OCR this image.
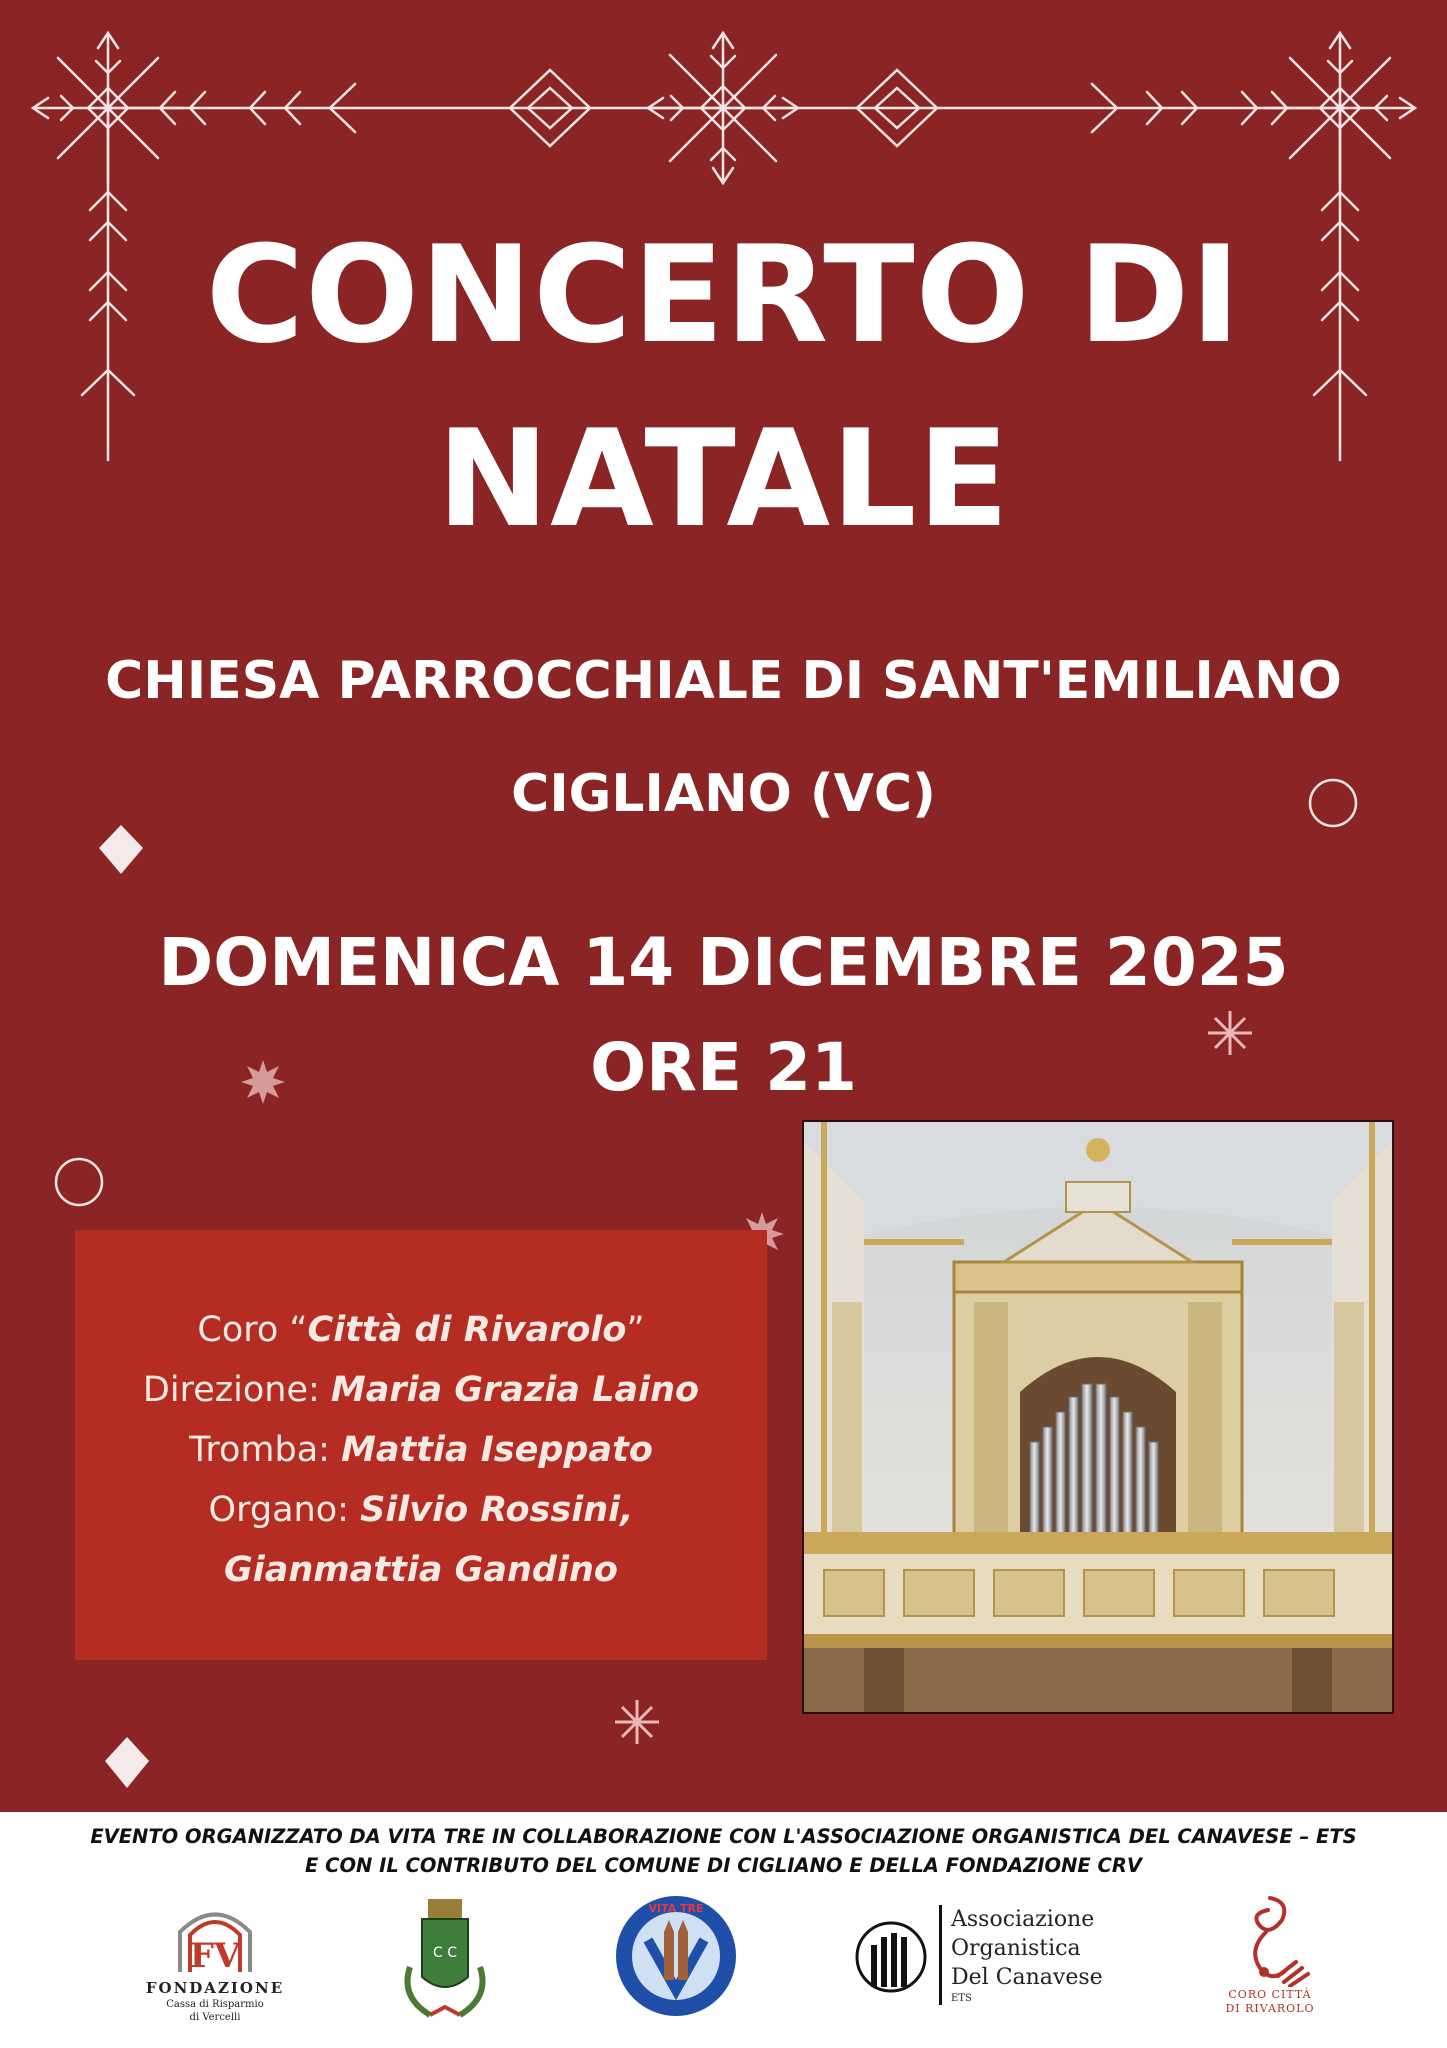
CONCERTO DI
NATALE
CHIESA PARROCCHIALE DI SANT'EMILIANO
CIGLIANO (VC)
DOMENICA 14 DICEMBRE 2025
ORE 21
Coro “Città di Rivarolo”
Direzione: Maria Grazia Laino
Tromba: Mattia Iseppato
Organo: Silvio Rossini,
Gianmattia Gandino
EVENTO ORGANIZZATO DA VITA TRE IN COLLABORAZIONE CON L'ASSOCIAZIONE ORGANISTICA DEL CANAVESE – ETS
E CON IL CONTRIBUTO DEL COMUNE DI CIGLIANO E DELLA FONDAZIONE CRV
FV
FONDAZIONE
Cassa di Risparmio
di Vercelli
C C
VITA TRE	Associazione
Organistica
Del Canavese
ETS	CORO CITTÀ
DI RIVAROLO
